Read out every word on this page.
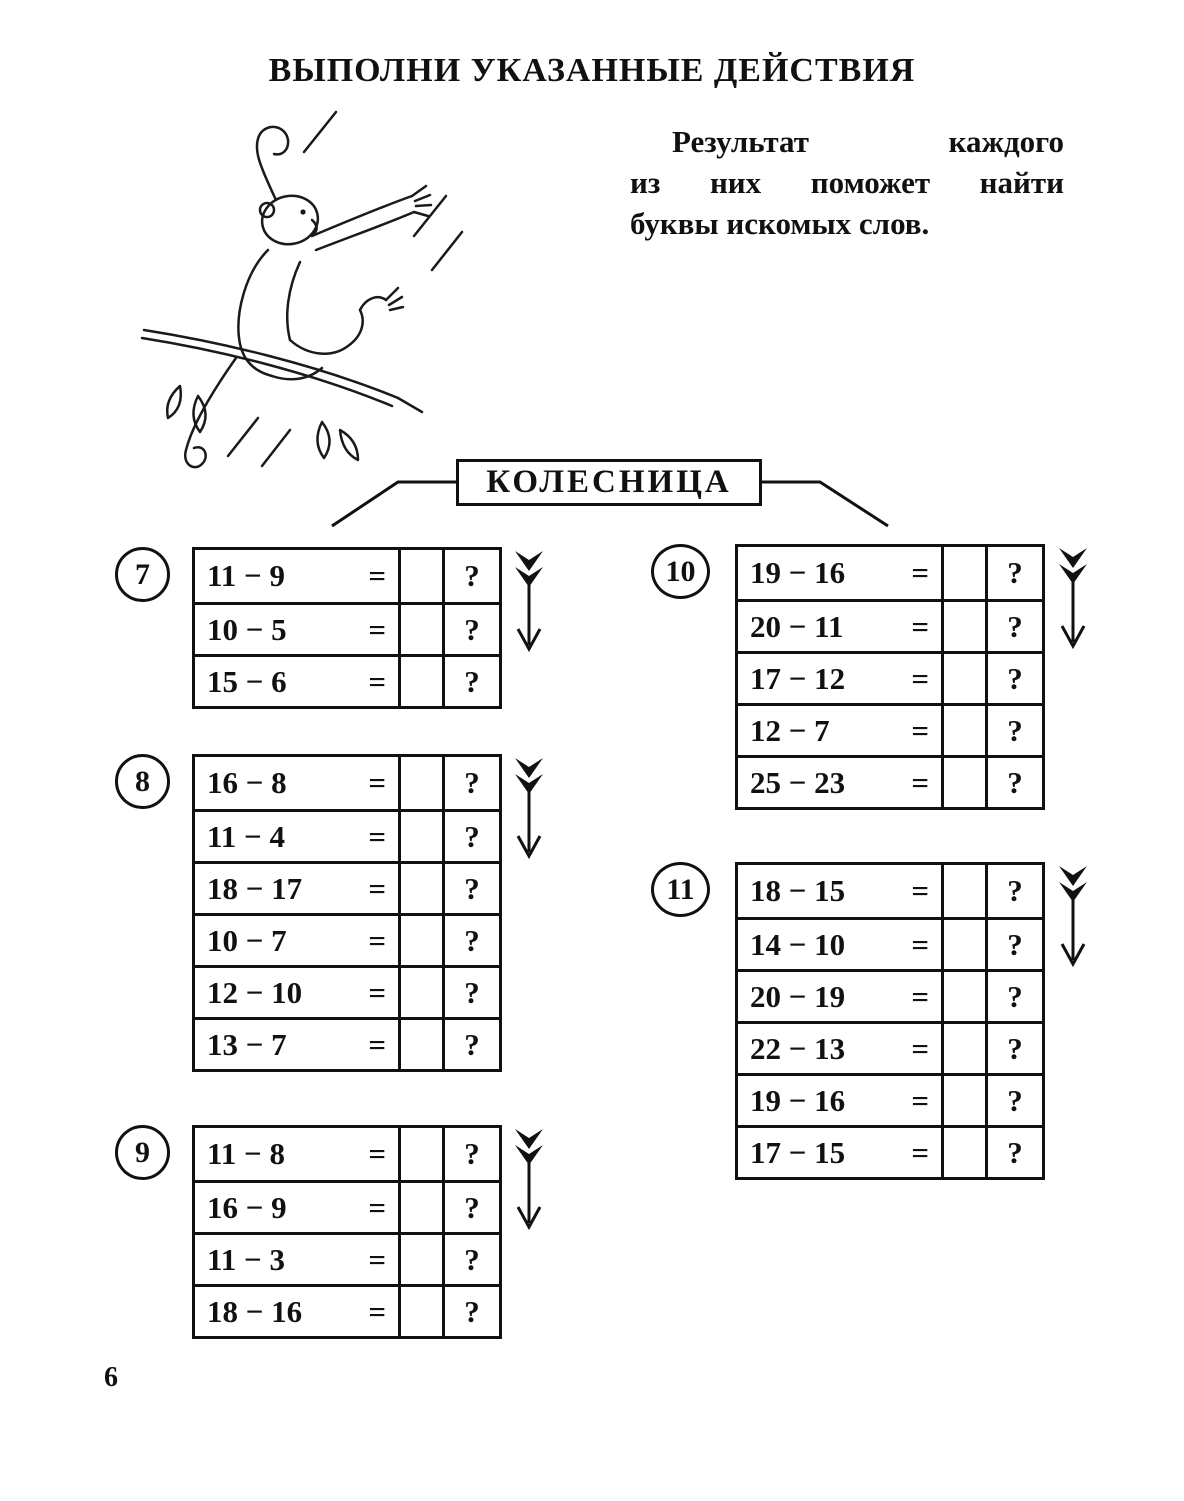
ВЫПОЛНИ УКАЗАННЫЕ ДЕЙСТВИЯ
Результат каждого
из них поможет найти
буквы искомых слов.
КОЛЕСНИЦА
7	11 − 9	=	?
10 − 5	=	?
15 − 6	=	?
8	16 − 8	=	?
11 − 4	=	?
18 − 17 =	?
10 − 7	=	?
12 − 10 =	?
13 − 7	=	?
9	11 − 8	=	?
16 − 9	=	?
11 − 3	=	?
18 − 16 =	?
10	19 − 16 =	?
20 − 11 =	?
17 − 12 =	?
12 − 7	=	?
25 − 23 =	?
11	18 − 15 =	?
14 − 10 =	?
20 − 19 =	?
22 − 13 =	?
19 − 16 =	?
17 − 15 =	?
6
